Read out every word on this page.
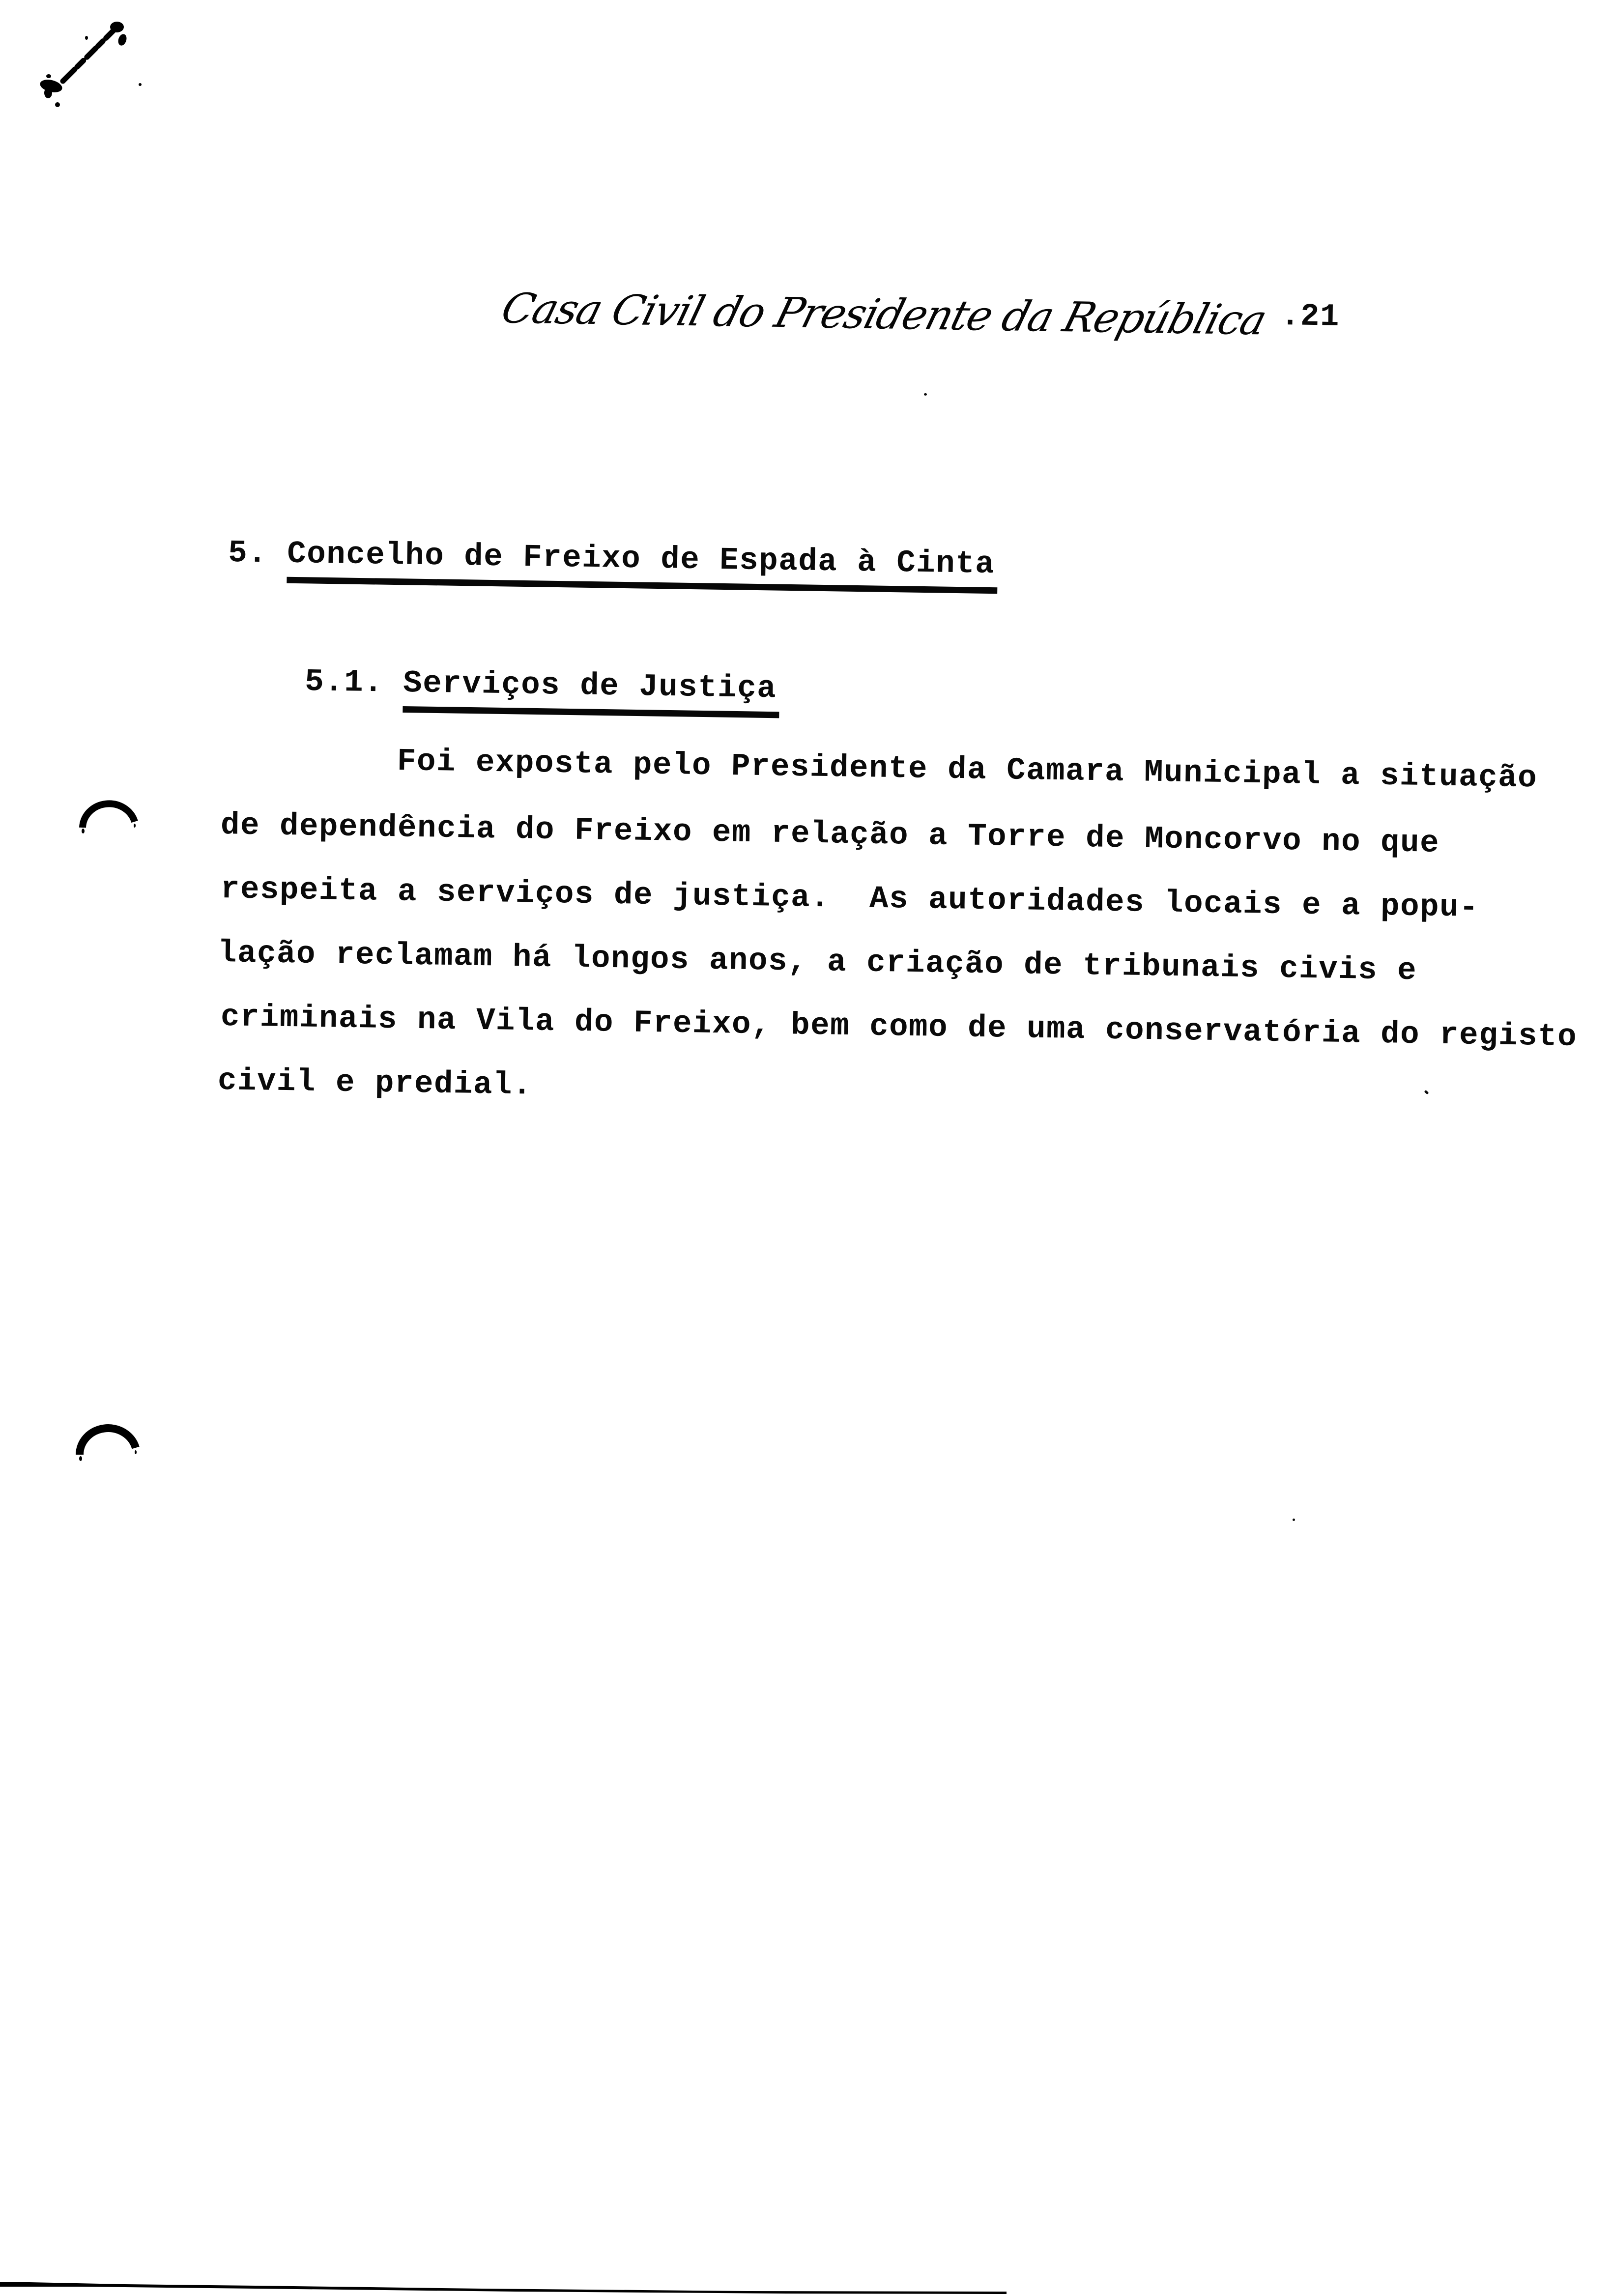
Casa Civil do Presidente da República .21
5. Concelho de Freixo de Espada à Cinta
5.1. Serviços de Justiça
Foi exposta pelo Presidente da Camara Municipal a situação
de dependência do Freixo em relação a Torre de Moncorvo no que
respeita a serviços de justiça.  As autoridades locais e a popu-
lação reclamam há longos anos, a criação de tribunais civis e
criminais na Vila do Freixo, bem como de uma conservatória do registo
civil e predial.
